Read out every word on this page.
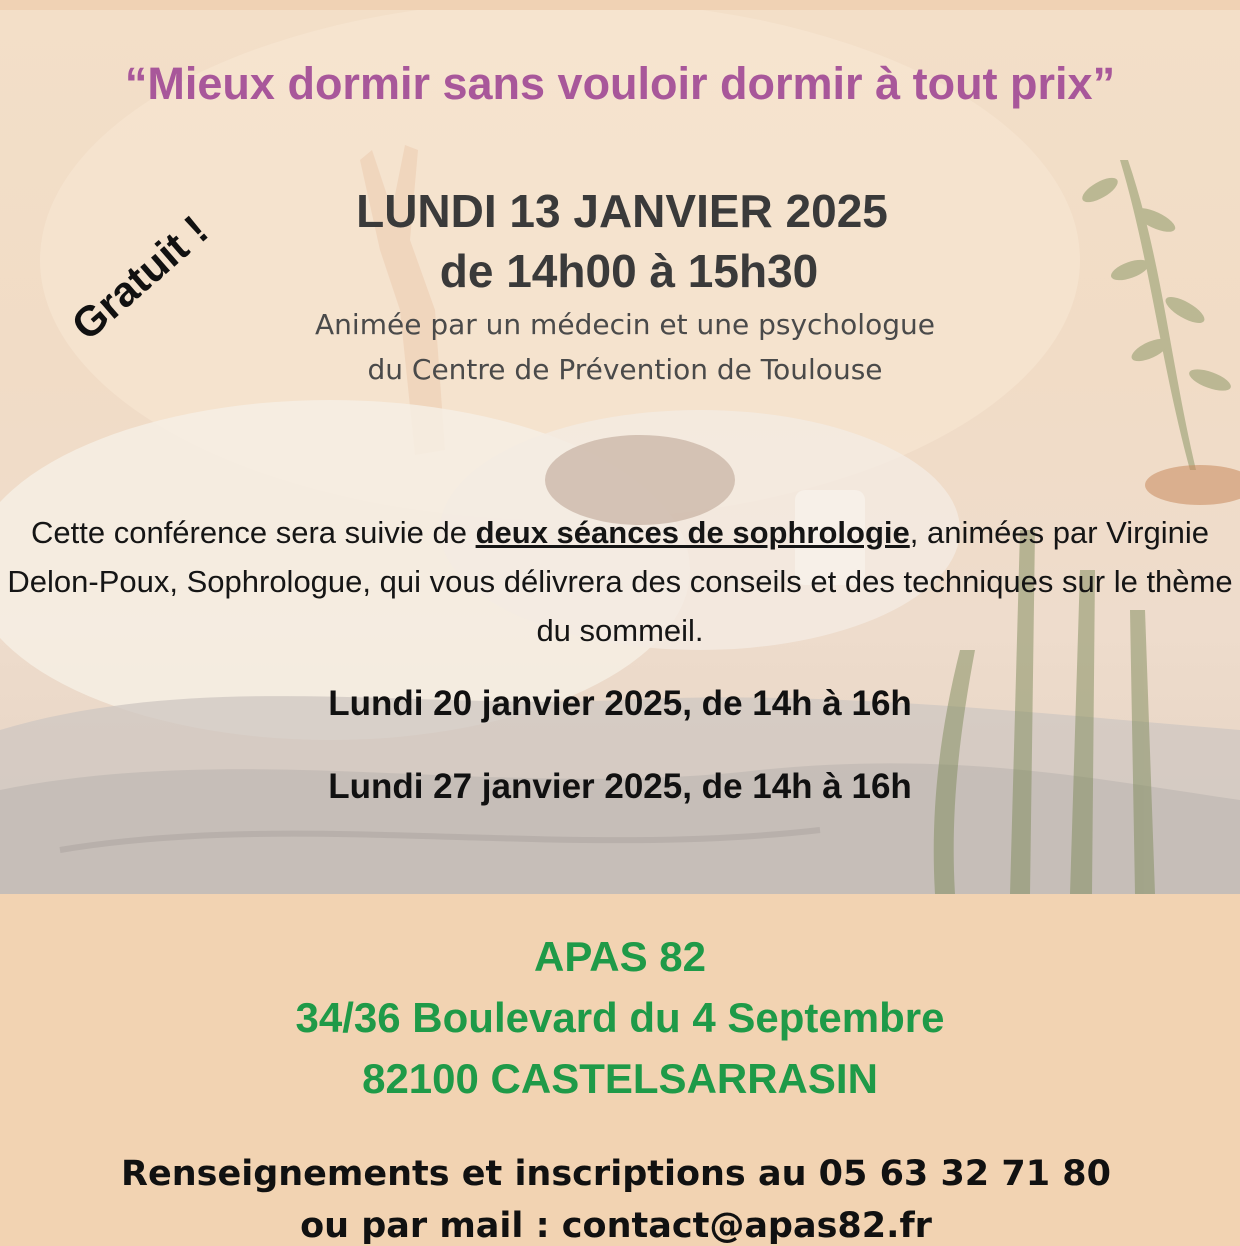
“Mieux dormir sans vouloir dormir à tout prix”

Gratuit !	LUNDI 13 JANVIER 2025

de 14h00 à 15h30

Animée par un médecin et une psychologue

du Centre de Prévention de Toulouse

Cette conférence sera suivie de deux séances de sophrologie, animées par Virginie Delon-Poux, Sophrologue, qui vous délivrera des conseils et des techniques sur le thème du sommeil.

Lundi 20 janvier 2025, de 14h à 16h

Lundi 27 janvier 2025, de 14h à 16h

APAS 82

34/36 Boulevard du 4 Septembre

82100 CASTELSARRASIN

Renseignements et inscriptions au 05 63 32 71 80

ou par mail : contact@apas82.fr
